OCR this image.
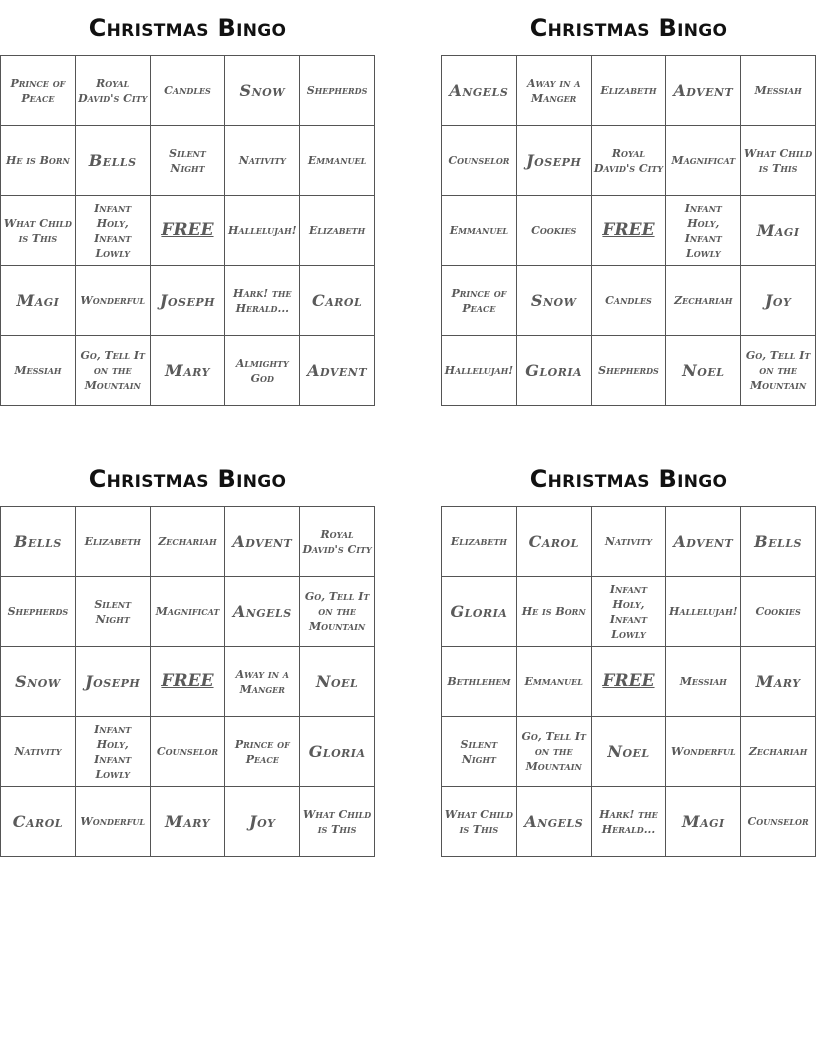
Christmas Bingo
Prince of Peace	Royal David's City	Candles	Snow	Shepherds
He is Born	Bells	Silent Night	Nativity	Emmanuel
What Child is This	Infant Holy, Infant Lowly	FREE	Hallelujah!	Elizabeth
Magi	Wonderful	Joseph	Hark! the Herald...	Carol
Messiah	Go, Tell It on the Mountain	Mary	Almighty God	Advent
Christmas Bingo
Angels	Away in a Manger	Elizabeth	Advent	Messiah
Counselor	Joseph	Royal David's City	Magnificat	What Child is This
Emmanuel	Cookies	FREE	Infant Holy, Infant Lowly	Magi
Prince of Peace	Snow	Candles	Zechariah	Joy
Hallelujah!	Gloria	Shepherds	Noel	Go, Tell It on the Mountain
Christmas Bingo
Bells	Elizabeth	Zechariah	Advent	Royal David's City
Shepherds	Silent Night	Magnificat	Angels	Go, Tell It on the Mountain
Snow	Joseph	FREE	Away in a Manger	Noel
Nativity	Infant Holy, Infant Lowly	Counselor	Prince of Peace	Gloria
Carol	Wonderful	Mary	Joy	What Child is This
Christmas Bingo
Elizabeth	Carol	Nativity	Advent	Bells
Gloria	He is Born	Infant Holy, Infant Lowly	Hallelujah!	Cookies
Bethlehem	Emmanuel	FREE	Messiah	Mary
Silent Night	Go, Tell It on the Mountain	Noel	Wonderful	Zechariah
What Child is This	Angels	Hark! the Herald...	Magi	Counselor
